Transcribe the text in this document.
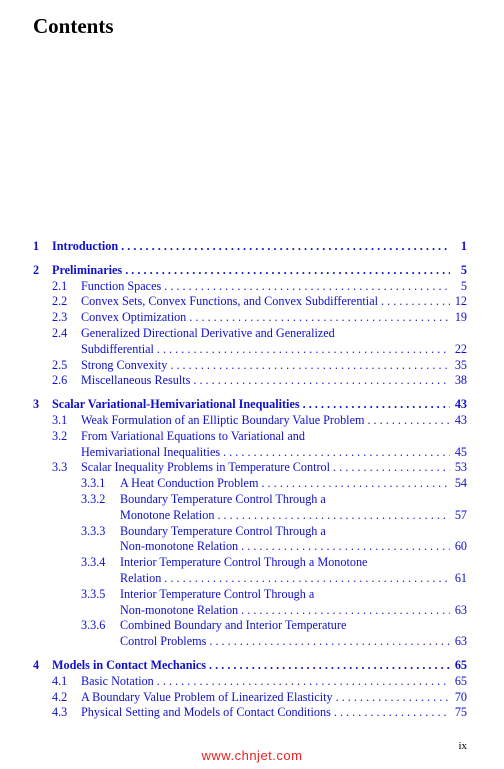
Contents
1	Introduction . . .	1
2	Preliminaries . . .	5
2.1	Function Spaces . . .	5
2.2	Convex Sets, Convex Functions, and Convex Subdifferential . . .	12
2.3	Convex Optimization . . .	19
2.4	Generalized Directional Derivative and Generalized
Subdifferential . . .	22
2.5	Strong Convexity . . .	35
2.6	Miscellaneous Results . . .	38
3	Scalar Variational-Hemivariational Inequalities . . .	43
3.1	Weak Formulation of an Elliptic Boundary Value Problem . . .	43
3.2	From Variational Equations to Variational and
Hemivariational Inequalities . . .	45
3.3	Scalar Inequality Problems in Temperature Control . . .	53
3.3.1	A Heat Conduction Problem . . .	54
3.3.2	Boundary Temperature Control Through a
Monotone Relation . . .	57
3.3.3	Boundary Temperature Control Through a
Non-monotone Relation . . .	60
3.3.4	Interior Temperature Control Through a Monotone
Relation . . .	61
3.3.5	Interior Temperature Control Through a
Non-monotone Relation . . .	63
3.3.6	Combined Boundary and Interior Temperature
Control Problems . . .	63
4	Models in Contact Mechanics . . .	65
4.1	Basic Notation . . .	65
4.2	A Boundary Value Problem of Linearized Elasticity . . .	70
4.3	Physical Setting and Models of Contact Conditions . . .	75
ix
www.chnjet.com
